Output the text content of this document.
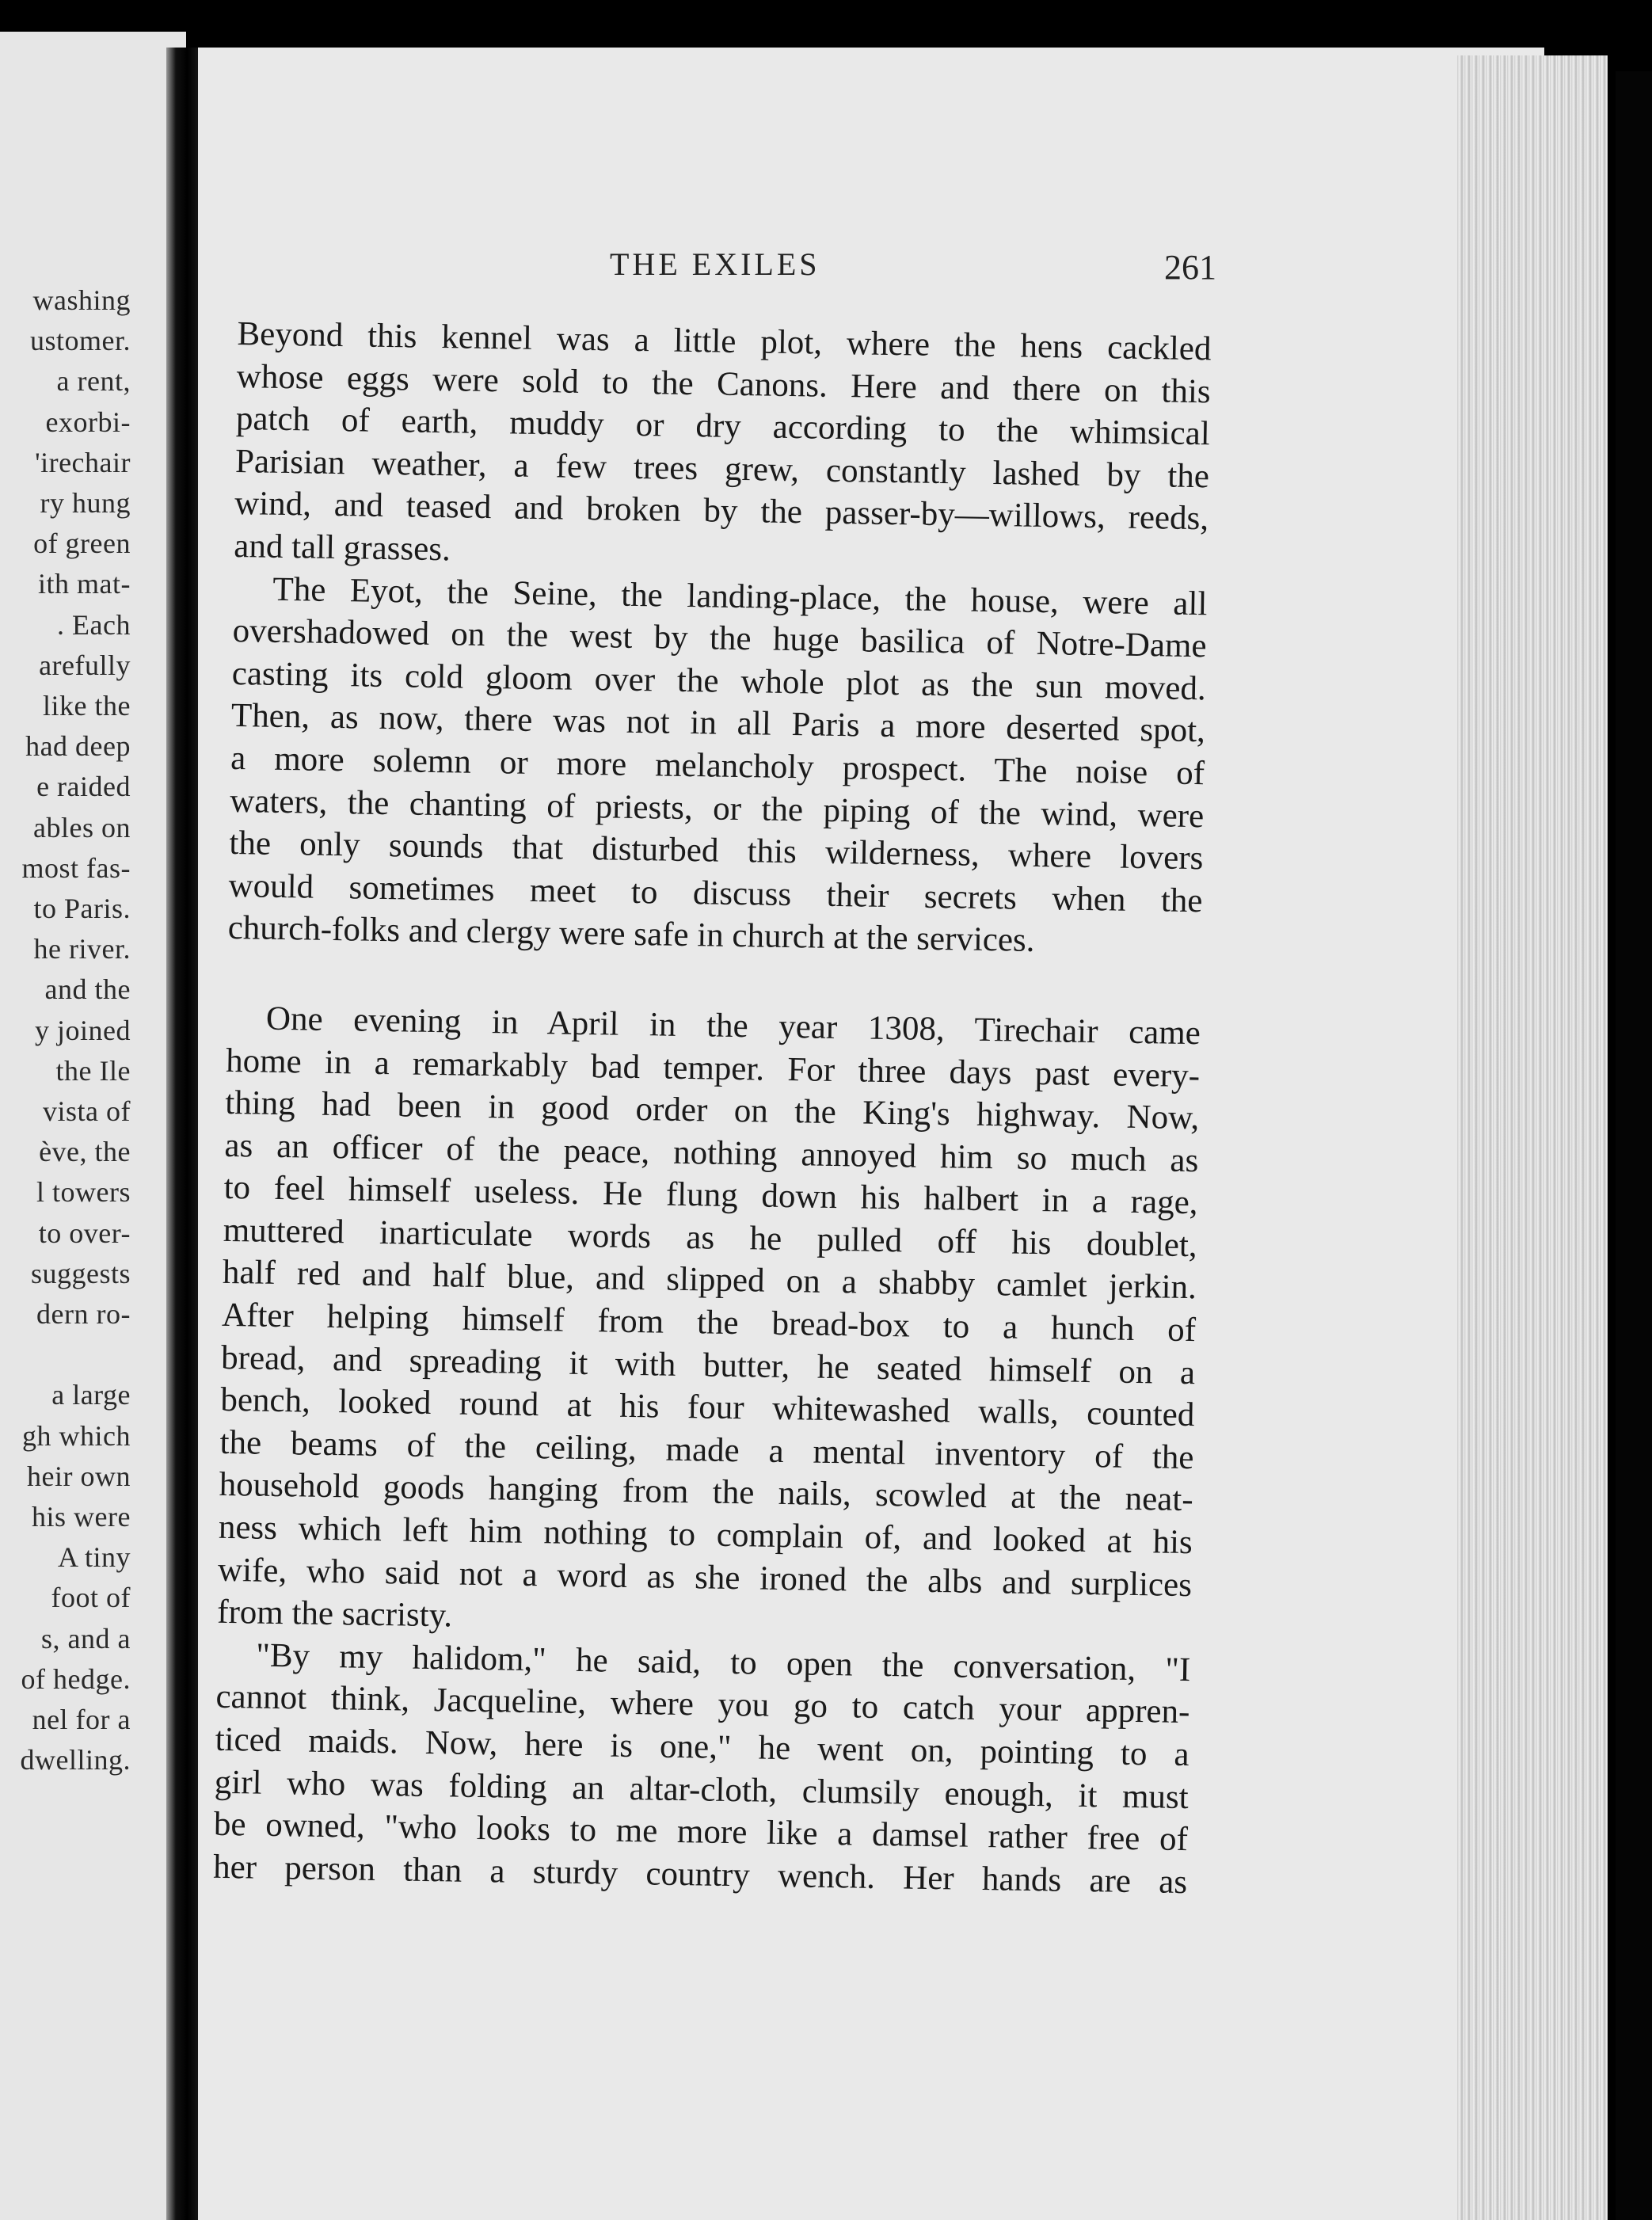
washing
ustomer.
a rent,
exorbi-
'irechair
ry hung
of green
ith mat-
. Each
arefully
like the
had deep
e raided
ables on
most fas-
to Paris.
he river.
and the
y joined
the Ile
vista of
ève, the
l towers
to over-
suggests
dern ro-
a large
gh which
heir own
his were
A tiny
foot of
s, and a
of hedge.
nel for a
dwelling.
THE EXILES	261
Beyond this kennel was a little plot, where the hens cackled
whose eggs were sold to the Canons. Here and there on this
patch of earth, muddy or dry according to the whimsical
Parisian weather, a few trees grew, constantly lashed by the
wind, and teased and broken by the passer-by—willows, reeds,
and tall grasses.
The Eyot, the Seine, the landing-place, the house, were all
overshadowed on the west by the huge basilica of Notre-Dame
casting its cold gloom over the whole plot as the sun moved.
Then, as now, there was not in all Paris a more deserted spot,
a more solemn or more melancholy prospect. The noise of
waters, the chanting of priests, or the piping of the wind, were
the only sounds that disturbed this wilderness, where lovers
would sometimes meet to discuss their secrets when the
church-folks and clergy were safe in church at the services.
One evening in April in the year 1308, Tirechair came
home in a remarkably bad temper. For three days past every-
thing had been in good order on the King's highway. Now,
as an officer of the peace, nothing annoyed him so much as
to feel himself useless. He flung down his halbert in a rage,
muttered inarticulate words as he pulled off his doublet,
half red and half blue, and slipped on a shabby camlet jerkin.
After helping himself from the bread-box to a hunch of
bread, and spreading it with butter, he seated himself on a
bench, looked round at his four whitewashed walls, counted
the beams of the ceiling, made a mental inventory of the
household goods hanging from the nails, scowled at the neat-
ness which left him nothing to complain of, and looked at his
wife, who said not a word as she ironed the albs and surplices
from the sacristy.
"By my halidom," he said, to open the conversation, "I
cannot think, Jacqueline, where you go to catch your appren-
ticed maids. Now, here is one," he went on, pointing to a
girl who was folding an altar-cloth, clumsily enough, it must
be owned, "who looks to me more like a damsel rather free of
her person than a sturdy country wench. Her hands are as
